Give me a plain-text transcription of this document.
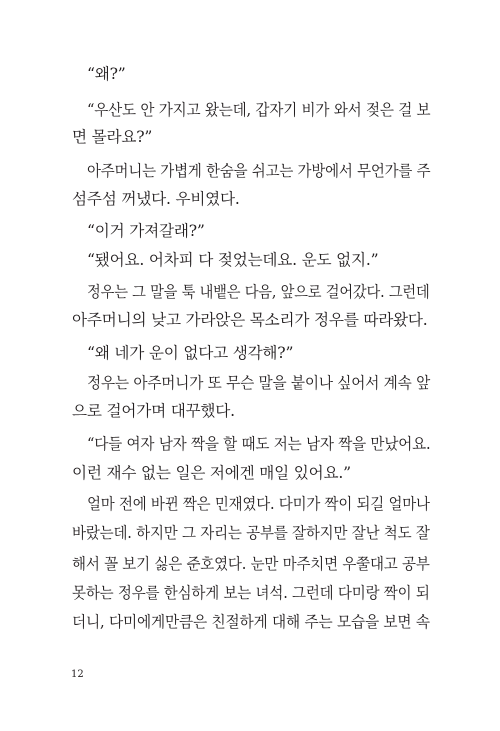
“왜?”
“우산도 안 가지고 왔는데, 갑자기 비가 와서 젖은 걸 보
면 몰라요?”
아주머니는 가볍게 한숨을 쉬고는 가방에서 무언가를 주
섬주섬 꺼냈다. 우비였다.
“이거 가져갈래?”
“됐어요. 어차피 다 젖었는데요. 운도 없지.”
정우는 그 말을 툭 내뱉은 다음, 앞으로 걸어갔다. 그런데
아주머니의 낮고 가라앉은 목소리가 정우를 따라왔다.
“왜 네가 운이 없다고 생각해?”
정우는 아주머니가 또 무슨 말을 붙이나 싶어서 계속 앞
으로 걸어가며 대꾸했다.
“다들 여자 남자 짝을 할 때도 저는 남자 짝을 만났어요.
이런 재수 없는 일은 저에겐 매일 있어요.”
얼마 전에 바뀐 짝은 민재였다. 다미가 짝이 되길 얼마나
바랐는데. 하지만 그 자리는 공부를 잘하지만 잘난 척도 잘
해서 꼴 보기 싫은 준호였다. 눈만 마주치면 우쭐대고 공부
못하는 정우를 한심하게 보는 녀석. 그런데 다미랑 짝이 되
더니, 다미에게만큼은 친절하게 대해 주는 모습을 보면 속
12
